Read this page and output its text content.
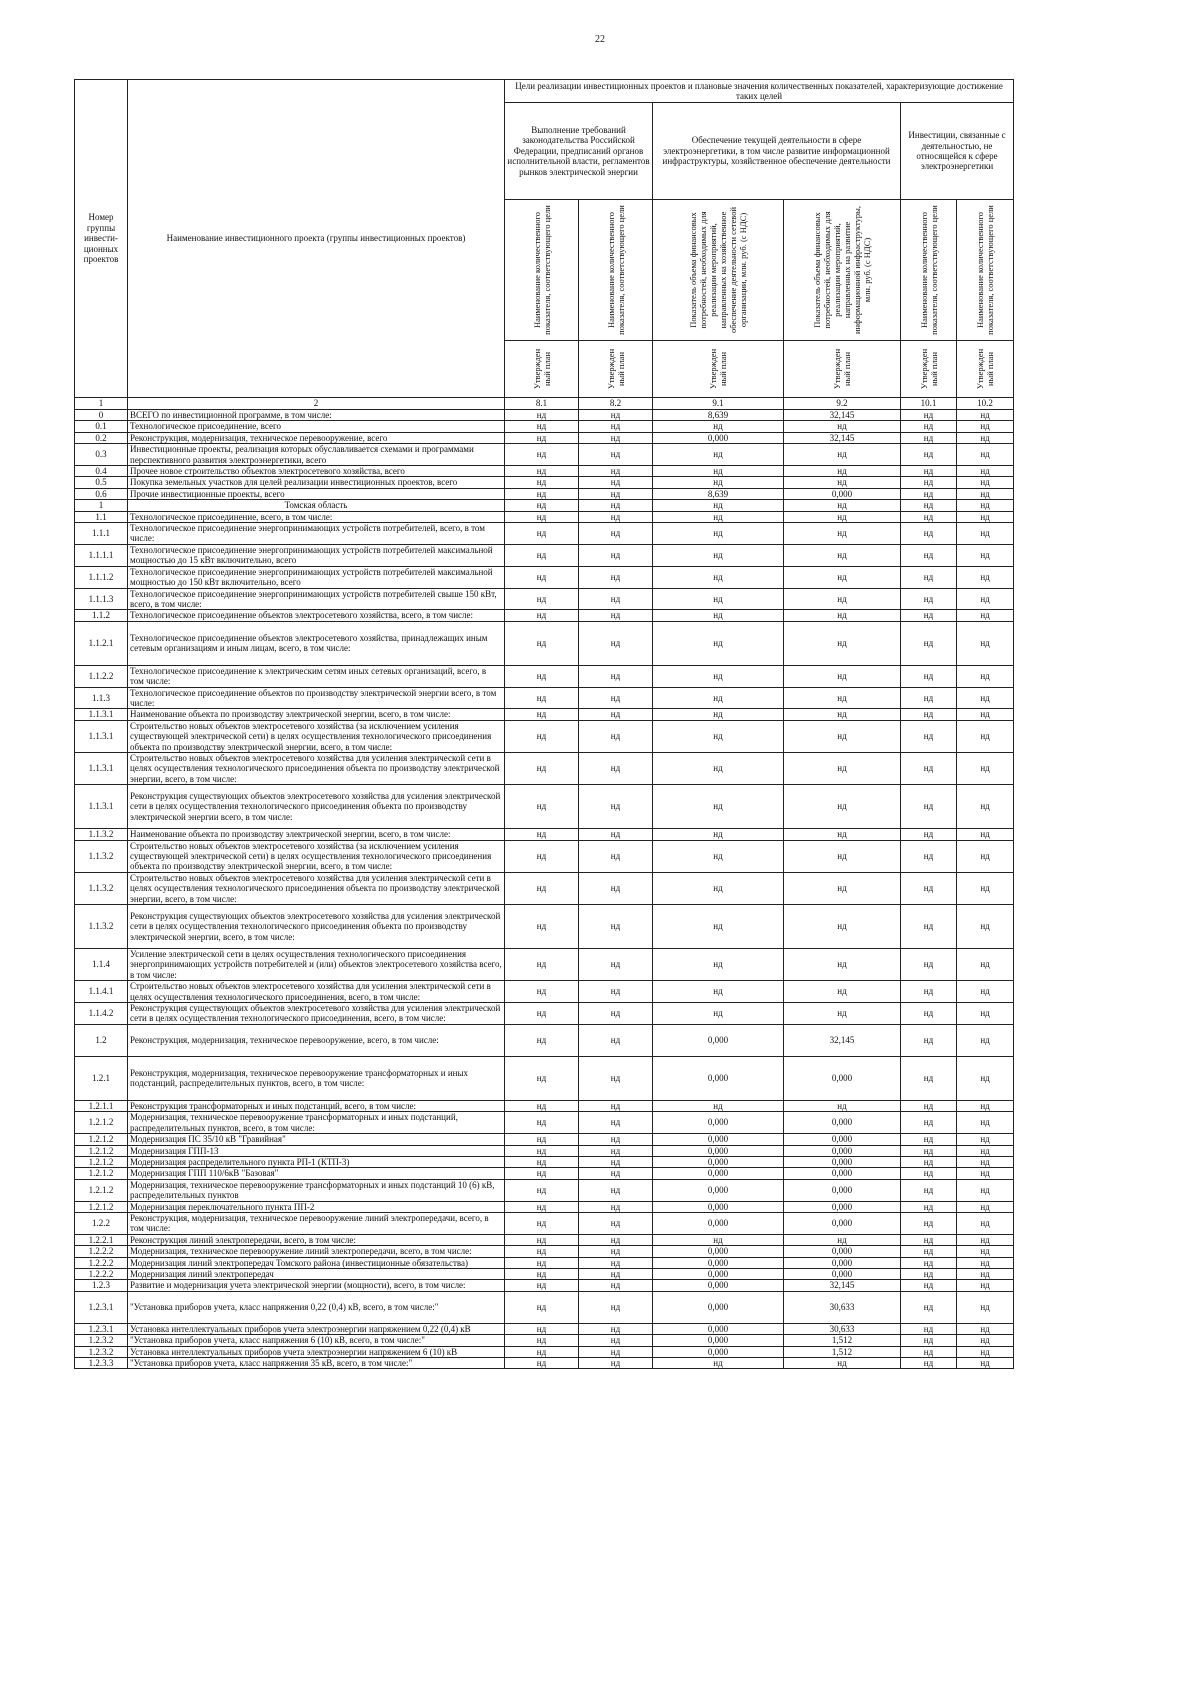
22
Номер группы инвести-ционных проектов	Наименование инвестиционного проекта (группы инвестиционных проектов)	Цели реализации инвестиционных проектов и плановые значения количественных показателей, характеризующие достижение таких целей					
		Выполнение требований законодательства Российской Федерации, предписаний органов исполнительной власти, регламентов рынков электрической энергии		Обеспечение текущей деятельности в сфере электроэнергетики, в том числе развитие информационной инфраструктуры, хозяйственное обеспечение деятельности		Инвестиции, связанные с деятельностью, не относящейся к сфере электроэнергетики	

		Наименование количественного показателя, соответствующего цели	Наименование количественного показателя, соответствующего цели	Показатель объема финансовых потребностей, необходимых для реализации мероприятий, направленных на хозяйственное обеспечение деятельности сетевой организации, млн. руб. (с НДС)	Показатель объема финансовых потребностей, необходимых для реализации мероприятий, направленных на развитие информационной инфраструктуры, млн. руб. (с НДС)	Наименование количественного показателя, соответствующего цели	Наименование количественного показателя, соответствующего цели

		Утвержден ный план	Утвержден ный план	Утвержден ный план	Утвержден ный план	Утвержден ный план	Утвержден ный план

1	2	8.1	8.2	9.1	9.2	10.1	10.2
0	ВСЕГО по инвестиционной программе, в том числе:	нд	нд	8,639	32,145	нд	нд
0.1	Технологическое присоединение, всего	нд	нд	нд	нд	нд	нд
0.2	Реконструкция, модернизация, техническое перевооружение, всего	нд	нд	0,000	32,145	нд	нд
0.3	Инвестиционные проекты, реализация которых обуславливается схемами и программами перспективного развития электроэнергетики, всего	нд	нд	нд	нд	нд	нд
0.4	Прочее новое строительство объектов электросетевого хозяйства, всего	нд	нд	нд	нд	нд	нд
0.5	Покупка земельных участков для целей реализации инвестиционных проектов, всего	нд	нд	нд	нд	нд	нд
0.6	Прочие инвестиционные проекты, всего	нд	нд	8,639	0,000	нд	нд
1	Томская область	нд	нд	нд	нд	нд	нд
1.1	Технологическое присоединение, всего, в том числе:	нд	нд	нд	нд	нд	нд
1.1.1	Технологическое присоединение энергопринимающих устройств потребителей, всего, в том числе:	нд	нд	нд	нд	нд	нд
1.1.1.1	Технологическое присоединение энергопринимающих устройств потребителей максимальной мощностью до 15 кВт включительно, всего	нд	нд	нд	нд	нд	нд
1.1.1.2	Технологическое присоединение энергопринимающих устройств потребителей максимальной мощностью до 150 кВт включительно, всего	нд	нд	нд	нд	нд	нд
1.1.1.3	Технологическое присоединение энергопринимающих устройств потребителей свыше 150 кВт, всего, в том числе:	нд	нд	нд	нд	нд	нд
1.1.2	Технологическое присоединение объектов электросетевого хозяйства, всего, в том числе:	нд	нд	нд	нд	нд	нд
1.1.2.1	Технологическое присоединение объектов электросетевого хозяйства, принадлежащих иным сетевым организациям и иным лицам, всего, в том числе:	нд	нд	нд	нд	нд	нд
1.1.2.2	Технологическое присоединение к электрическим сетям иных сетевых организаций, всего, в том числе:	нд	нд	нд	нд	нд	нд
1.1.3	Технологическое присоединение объектов по производству электрической энергии всего, в том числе:	нд	нд	нд	нд	нд	нд
1.1.3.1	Наименование объекта по производству электрической энергии, всего, в том числе:	нд	нд	нд	нд	нд	нд
1.1.3.1	Строительство новых объектов электросетевого хозяйства (за исключением усиления существующей электрической сети) в целях осуществления технологического присоединения объекта по производству электрической энергии, всего, в том числе:	нд	нд	нд	нд	нд	нд
1.1.3.1	Строительство новых объектов электросетевого хозяйства для усиления электрической сети в целях осуществления технологического присоединения объекта по производству электрической энергии, всего, в том числе:	нд	нд	нд	нд	нд	нд
1.1.3.1	Реконструкция существующих объектов электросетевого хозяйства для усиления электрической сети в целях осуществления технологического присоединения объекта по производству электрической энергии всего, в том числе:	нд	нд	нд	нд	нд	нд
1.1.3.2	Наименование объекта по производству электрической энергии, всего, в том числе:	нд	нд	нд	нд	нд	нд
1.1.3.2	Строительство новых объектов электросетевого хозяйства (за исключением усиления существующей электрической сети) в целях осуществления технологического присоединения объекта по производству электрической энергии, всего, в том числе:	нд	нд	нд	нд	нд	нд
1.1.3.2	Строительство новых объектов электросетевого хозяйства для усиления электрической сети в целях осуществления технологического присоединения объекта по производству электрической энергии, всего, в том числе:	нд	нд	нд	нд	нд	нд
1.1.3.2	Реконструкция существующих объектов электросетевого хозяйства для усиления электрической сети в целях осуществления технологического присоединения объекта по производству электрической энергии, всего, в том числе:	нд	нд	нд	нд	нд	нд
1.1.4	Усиление электрической сети в целях осуществления технологического присоединения энергопринимающих устройств потребителей и (или) объектов электросетевого хозяйства всего, в том числе:	нд	нд	нд	нд	нд	нд
1.1.4.1	Строительство новых объектов электросетевого хозяйства для усиления электрической сети в целях осуществления технологического присоединения, всего, в том числе:	нд	нд	нд	нд	нд	нд
1.1.4.2	Реконструкция существующих объектов электросетевого хозяйства для усиления электрической сети в целях осуществления технологического присоединения, всего, в том числе:	нд	нд	нд	нд	нд	нд
1.2	Реконструкция, модернизация, техническое перевооружение, всего, в том числе:	нд	нд	0,000	32,145	нд	нд
1.2.1	Реконструкция, модернизация, техническое перевооружение трансформаторных и иных подстанций, распределительных пунктов, всего, в том числе:	нд	нд	0,000	0,000	нд	нд
1.2.1.1	Реконструкция трансформаторных и иных подстанций, всего, в том числе:	нд	нд	нд	нд	нд	нд
1.2.1.2	Модернизация, техническое перевооружение трансформаторных и иных подстанций, распределительных пунктов, всего, в том числе:	нд	нд	0,000	0,000	нд	нд
1.2.1.2	Модернизация ПС 35/10 кВ "Гравийная"	нд	нд	0,000	0,000	нд	нд
1.2.1.2	Модернизация ГПП-13	нд	нд	0,000	0,000	нд	нд
1.2.1.2	Модернизация распределительного пункта РП-1 (КТП-3)	нд	нд	0,000	0,000	нд	нд
1.2.1.2	Модернизация ГПП 110/6кВ "Базовая"	нд	нд	0,000	0,000	нд	нд
1.2.1.2	Модернизация, техническое перевооружение трансформаторных и иных подстанций 10 (6) кВ, распределительных пунктов	нд	нд	0,000	0,000	нд	нд
1.2.1.2	Модернизация переключательного пункта ПП-2	нд	нд	0,000	0,000	нд	нд
1.2.2	Реконструкция, модернизация, техническое перевооружение линий электропередачи, всего, в том числе:	нд	нд	0,000	0,000	нд	нд
1.2.2.1	Реконструкция линий электропередачи, всего, в том числе:	нд	нд	нд	нд	нд	нд
1.2.2.2	Модернизация, техническое перевооружение линий электропередачи, всего, в том числе:	нд	нд	0,000	0,000	нд	нд
1.2.2.2	Модернизация линий электропередач Томского района (инвестиционные обязательства)	нд	нд	0,000	0,000	нд	нд
1.2.2.2	Модернизация линий электропередач	нд	нд	0,000	0,000	нд	нд
1.2.3	Развитие и модернизация учета электрической энергии (мощности), всего, в том числе:	нд	нд	0,000	32,145	нд	нд
1.2.3.1	"Установка приборов учета, класс напряжения 0,22 (0,4) кВ, всего, в том числе:"	нд	нд	0,000	30,633	нд	нд
1.2.3.1	Установка интеллектуальных приборов учета электроэнергии напряжением 0,22 (0,4) кВ	нд	нд	0,000	30,633	нд	нд
1.2.3.2	"Установка приборов учета, класс напряжения 6 (10) кВ, всего, в том числе:"	нд	нд	0,000	1,512	нд	нд
1.2.3.2	Установка интеллектуальных приборов учета электроэнергии напряжением 6 (10) кВ	нд	нд	0,000	1,512	нд	нд
1.2.3.3	"Установка приборов учета, класс напряжения 35 кВ, всего, в том числе:"	нд	нд	нд	нд	нд	нд
